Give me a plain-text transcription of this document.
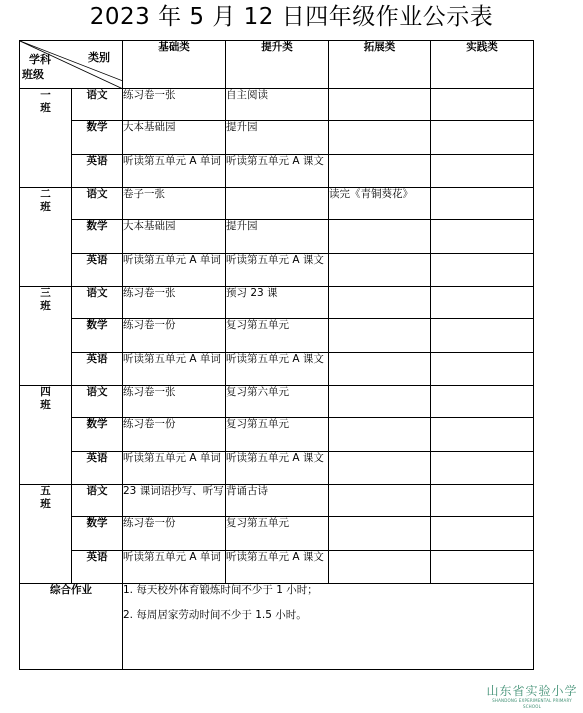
2023 年 5 月 12 日四年级作业公示表
类别
学科
班级		基础类	提升类	拓展类	实践类

一
班	语文	练习卷一张	自主阅读		
	数学	大本基础园	提升园		
	英语	听读第五单元 A 单词	听读第五单元 A 课文		

二
班	语文	卷子一张		读完《青铜葵花》	
	数学	大本基础园	提升园		
	英语	听读第五单元 A 单词	听读第五单元 A 课文		

三
班	语文	练习卷一张	预习 23 课		
	数学	练习卷一份	复习第五单元		
	英语	听读第五单元 A 单词	听读第五单元 A 课文		

四
班	语文	练习卷一张	复习第六单元		
	数学	练习卷一份	复习第五单元		
	英语	听读第五单元 A 单词	听读第五单元 A 课文		

五
班	语文	23 课词语抄写、听写	背诵古诗		
	数学	练习卷一份	复习第五单元		
	英语	听读第五单元 A 单词	听读第五单元 A 课文		
综合作业		1. 每天校外体育锻炼时间不少于 1 小时；
2. 每周居家劳动时间不少于 1.5 小时。			
山东省实验小学
SHANDONG EXPERIMENTAL PRIMARY SCHOOL
